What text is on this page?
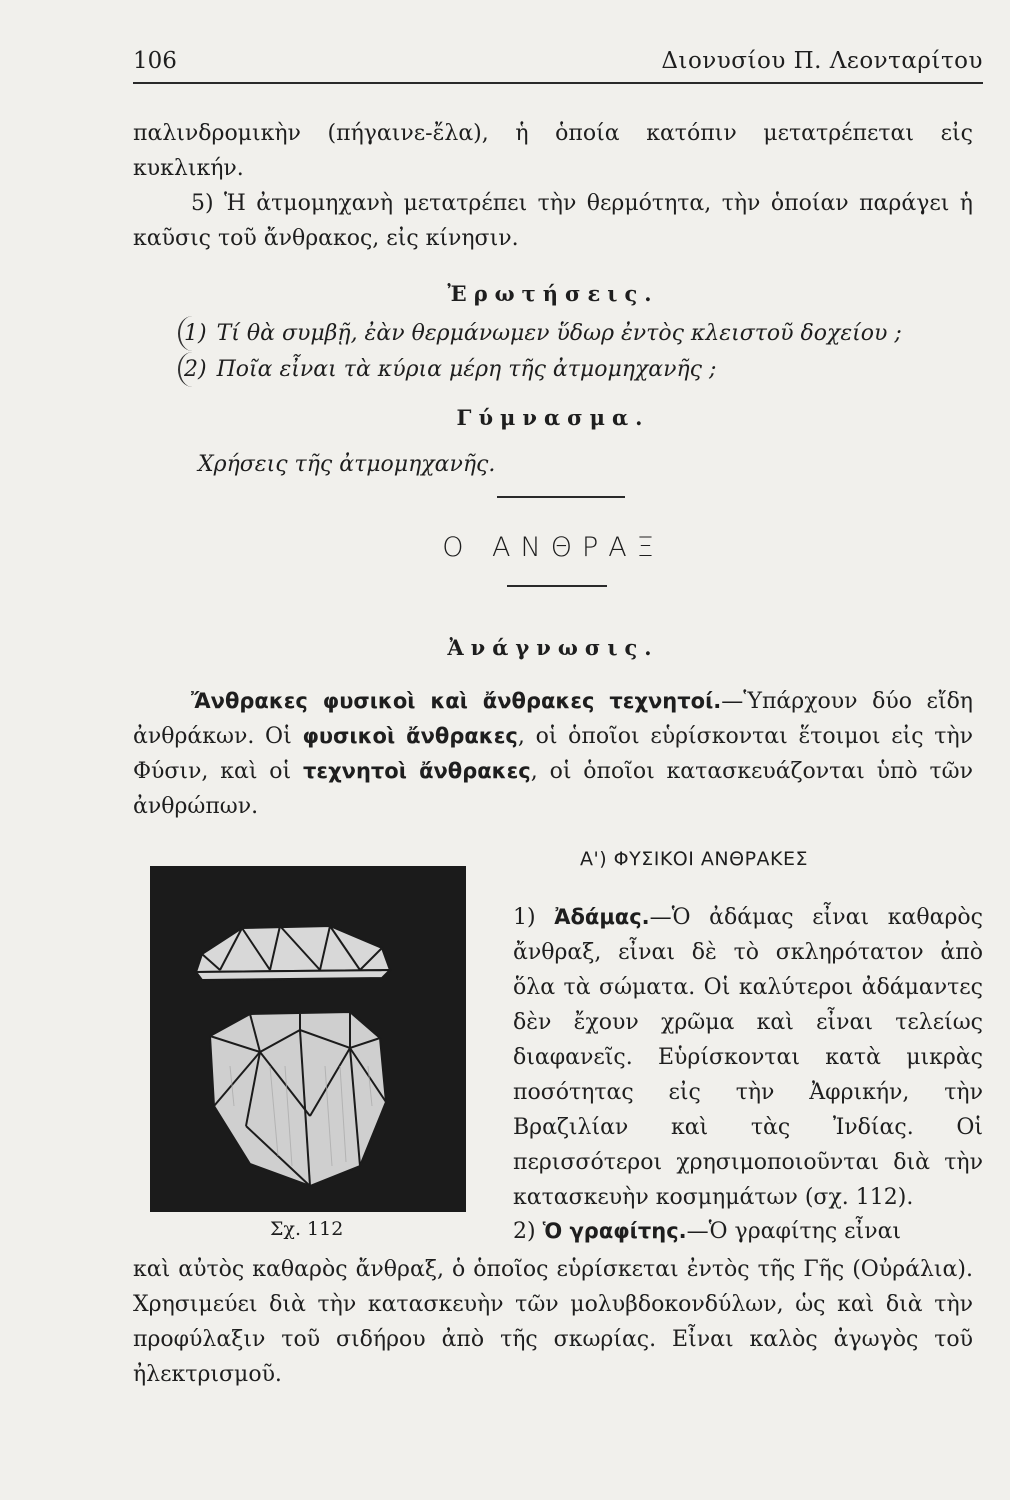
106	Διονυσίου Π. Λεονταρίτου
παλινδρομικὴν (πήγαινε-ἔλα), ἡ ὁποία κατόπιν μετατρέπεται εἰς κυκλικήν.
5) Ἡ ἀτμομηχανὴ μετατρέπει τὴν θερμότητα, τὴν ὁποίαν παράγει ἡ καῦσις τοῦ ἄνθρακος, εἰς κίνησιν.
Ἐρωτήσεις.
1) Τί θὰ συμβῇ, ἐὰν θερμάνωμεν ὕδωρ ἐντὸς κλειστοῦ δοχείου ;
2) Ποῖα εἶναι τὰ κύρια μέρη τῆς ἀτμομηχανῆς ;
Γύμνασμα.
Χρήσεις τῆς ἀτμομηχανῆς.
Ο ΑΝΘΡΑΞ
Ἀνάγνωσις.
Ἄνθρακες φυσικοὶ καὶ ἄνθρακες τεχνητοί.—Ὑπάρχουν δύο εἴδη ἀνθράκων. Οἱ φυσικοὶ ἄνθρακες, οἱ ὁποῖοι εὑρίσκονται ἕτοιμοι εἰς τὴν Φύσιν, καὶ οἱ τεχνητοὶ ἄνθρακες, οἱ ὁποῖοι κατασκευάζονται ὑπὸ τῶν ἀνθρώπων.
Α') ΦΥΣΙΚΟΙ ΑΝΘΡΑΚΕΣ
Σχ. 112
1) Ἀδάμας.—Ὁ ἀδάμας εἶναι καθαρὸς ἄνθραξ, εἶναι δὲ τὸ σκληρότατον ἀπὸ ὅλα τὰ σώματα. Οἱ καλύτεροι ἀδάμαντες δὲν ἔχουν χρῶμα καὶ εἶναι τελείως διαφανεῖς. Εὑρίσκονται κατὰ μικρὰς ποσότητας εἰς τὴν Ἀφρικήν, τὴν Βραζιλίαν καὶ τὰς Ἰνδίας. Οἱ περισσότεροι χρησιμοποιοῦνται διὰ τὴν κατασκευὴν κοσμημάτων (σχ. 112).
2) Ὁ γραφίτης.—Ὁ γραφίτης εἶναι
καὶ αὐτὸς καθαρὸς ἄνθραξ, ὁ ὁποῖος εὑρίσκεται ἐντὸς τῆς Γῆς (Οὐράλια). Χρησιμεύει διὰ τὴν κατασκευὴν τῶν μολυβδοκονδύλων, ὡς καὶ διὰ τὴν προφύλαξιν τοῦ σιδήρου ἀπὸ τῆς σκωρίας. Εἶναι καλὸς ἀγωγὸς τοῦ ἠλεκτρισμοῦ.
